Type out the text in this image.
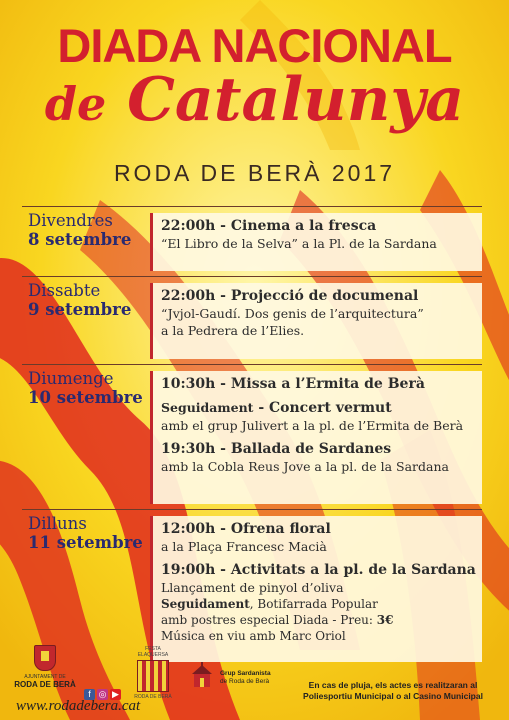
DIADA NACIONAL
de Catalunya
RODA DE BERÀ 2017
Divendres
8 setembre
22:00h - Cinema a la fresca
“El Libro de la Selva” a la Pl. de la Sardana
Dissabte
9 setembre
22:00h - Projecció de documenal
“Jvjol-Gaudí. Dos genis de l’arquitectura”
a la Pedrera de l’Elies.
Diumenge
10 setembre
10:30h - Missa a l’Ermita de Berà
Seguidament - Concert vermut
amb el grup Julivert a la pl. de l’Ermita de Berà
19:30h - Ballada de Sardanes
amb la Cobla Reus Jove a la pl. de la Sardana
Dilluns
11 setembre
12:00h - Ofrena floral
a la Plaça Francesc Macià
19:00h - Activitats a la pl. de la Sardana
Llançament de pinyol d’oliva
Seguidament, Botifarrada Popular
amb postres especial Diada - Preu: 3€
Música en viu amb Marc Oriol
AJUNTAMENT DE
RODA DE BERÀ
f ◎ ▶
www.rodadebera.cat
FESTA ELAQUERSA
RODA DE BERÀ
Grup Sardanista
de Roda de Berà	En cas de pluja, els actes es realitzaran al
Poliesportiu Municipal o al Casino Municipal
